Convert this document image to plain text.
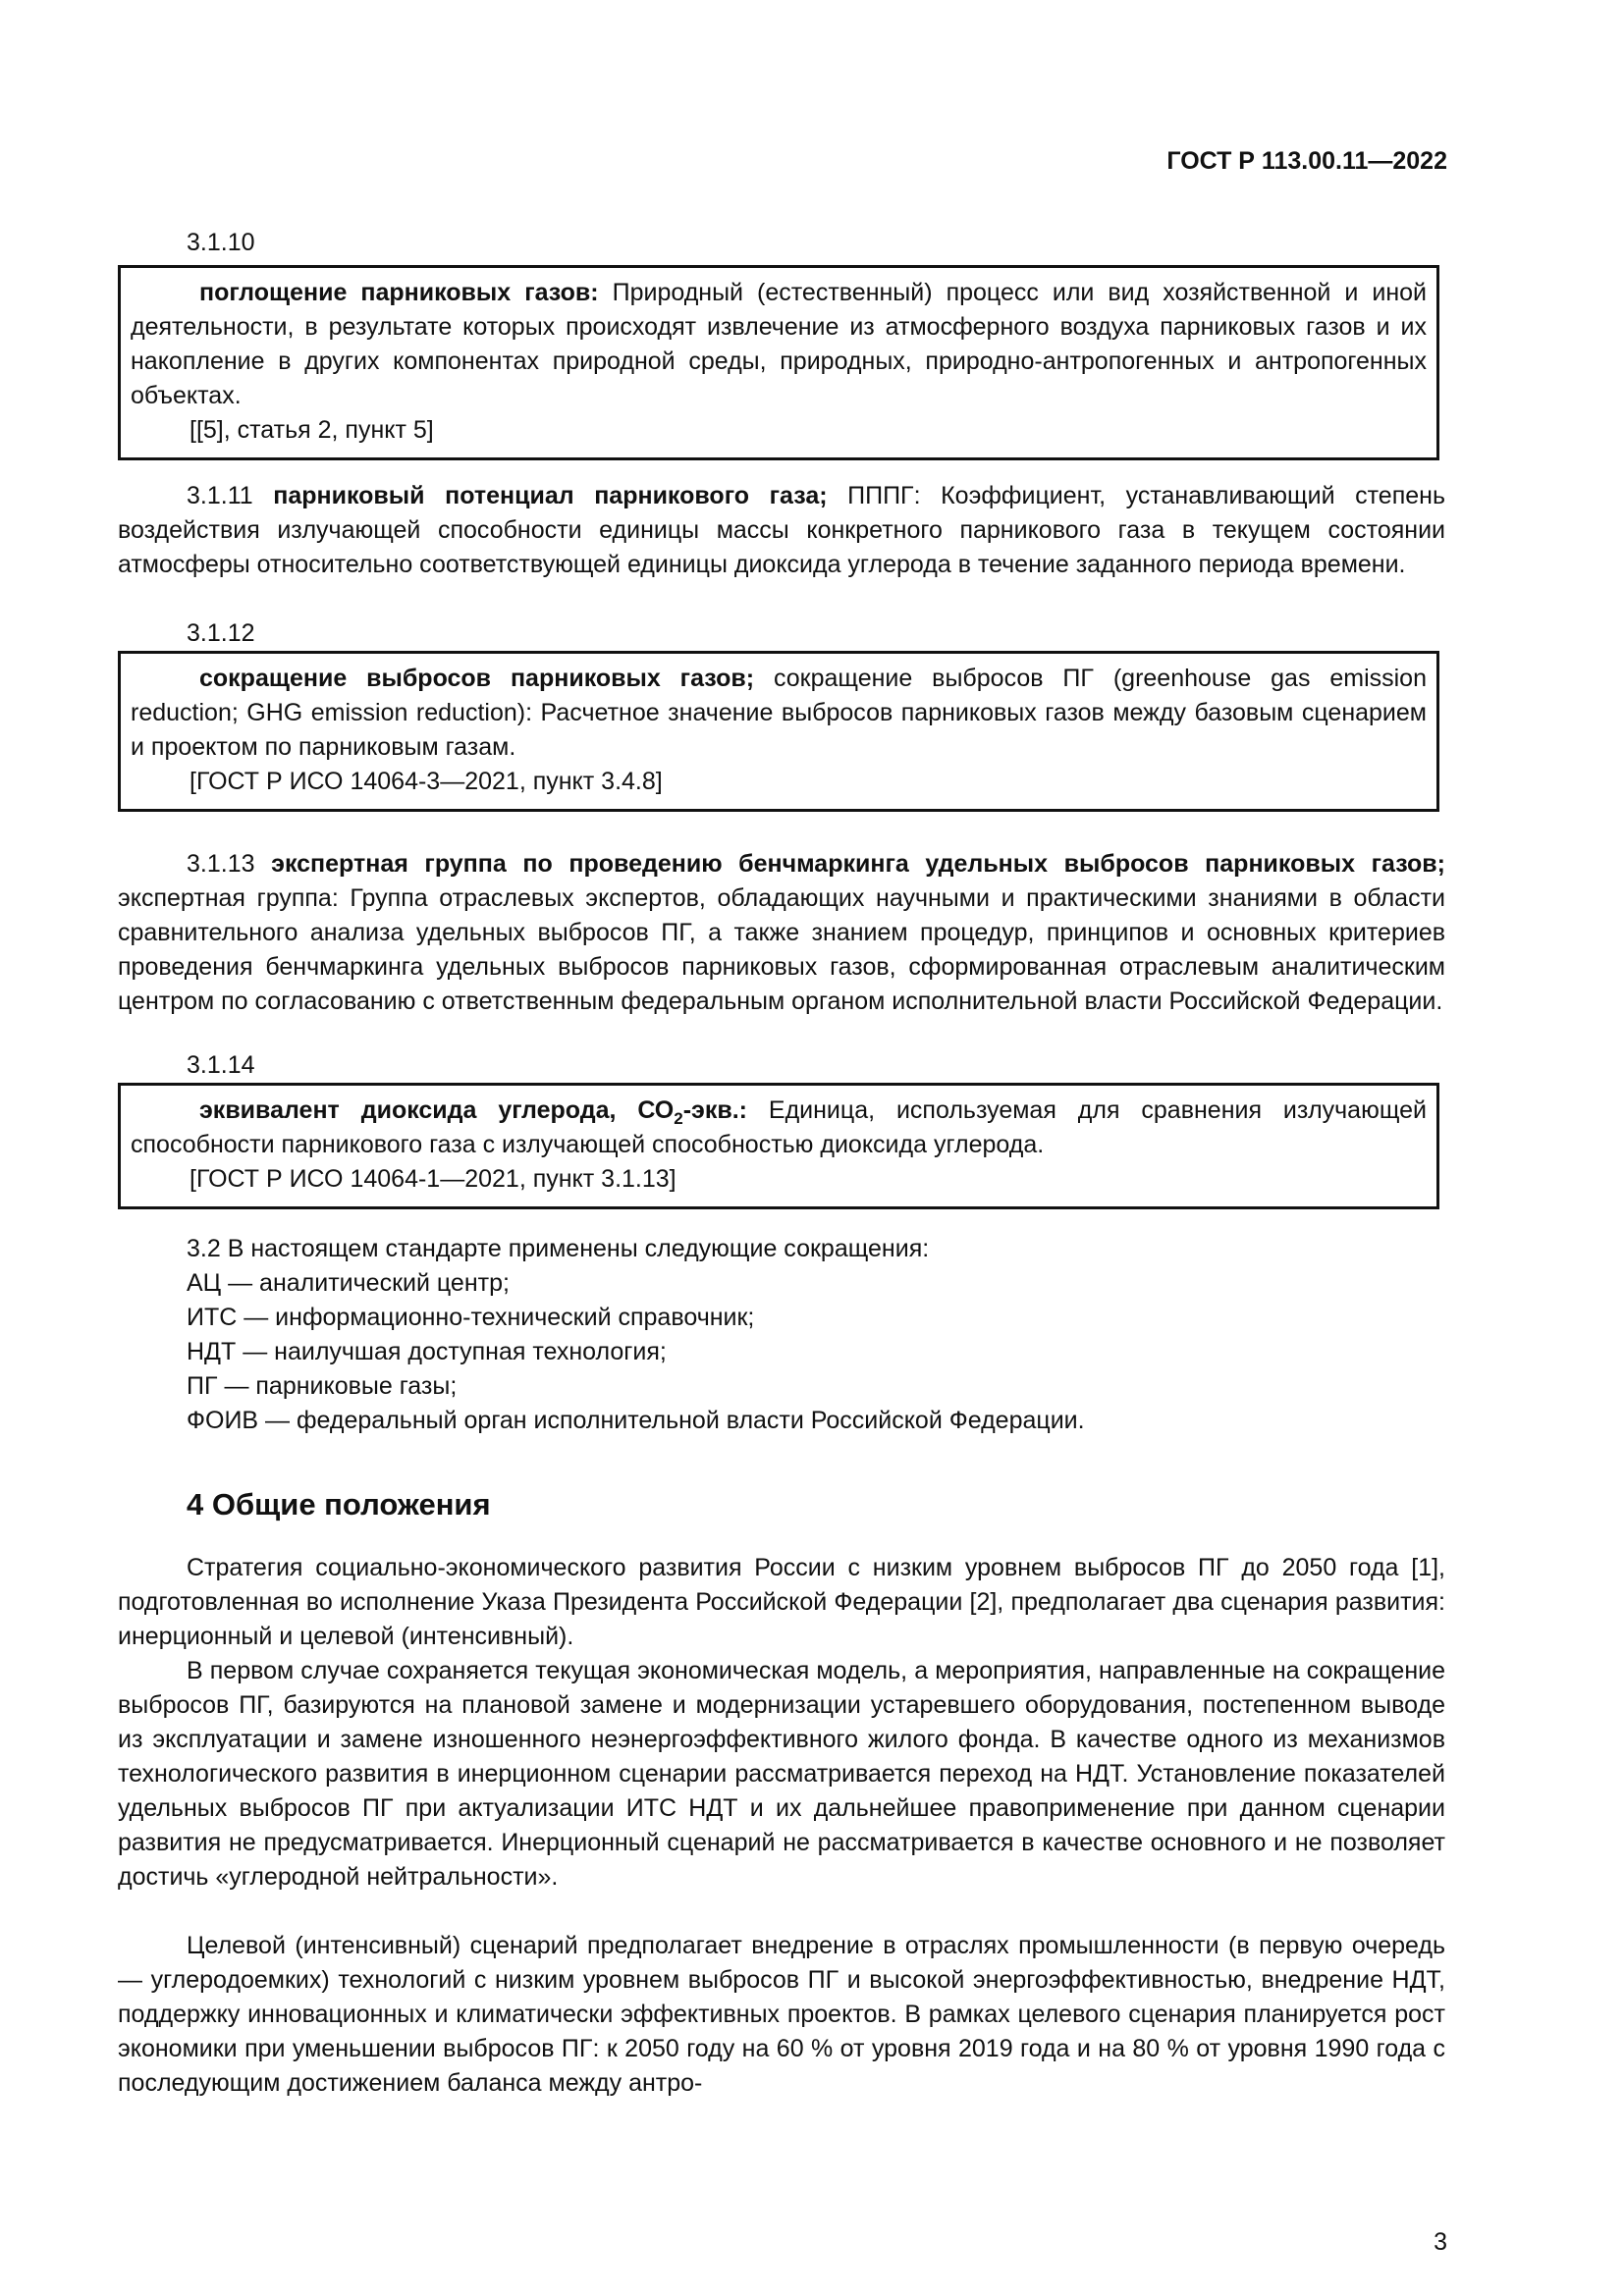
ГОСТ Р 113.00.11—2022
3.1.10
поглощение парниковых газов: Природный (естественный) процесс или вид хозяйственной и иной деятельности, в результате которых происходят извлечение из атмосферного воздуха парниковых газов и их накопление в других компонентах природной среды, природных, природно-антропогенных и антропогенных объектах.
[[5], статья 2, пункт 5]
3.1.11 парниковый потенциал парникового газа; ПППГ: Коэффициент, устанавливающий степень воздействия излучающей способности единицы массы конкретного парникового газа в текущем состоянии атмосферы относительно соответствующей единицы диоксида углерода в течение заданного периода времени.
3.1.12
сокращение выбросов парниковых газов; сокращение выбросов ПГ (greenhouse gas emission reduction; GHG emission reduction): Расчетное значение выбросов парниковых газов между базовым сценарием и проектом по парниковым газам.
[ГОСТ Р ИСО 14064-3—2021, пункт 3.4.8]
3.1.13 экспертная группа по проведению бенчмаркинга удельных выбросов парниковых газов; экспертная группа: Группа отраслевых экспертов, обладающих научными и практическими знаниями в области сравнительного анализа удельных выбросов ПГ, а также знанием процедур, принципов и основных критериев проведения бенчмаркинга удельных выбросов парниковых газов, сформированная отраслевым аналитическим центром по согласованию с ответственным федеральным органом исполнительной власти Российской Федерации.
3.1.14
эквивалент диоксида углерода, $СО_2$-экв.: Единица, используемая для сравнения излучающей способности парникового газа с излучающей способностью диоксида углерода.
[ГОСТ Р ИСО 14064-1—2021, пункт 3.1.13]
3.2 В настоящем стандарте применены следующие сокращения:
АЦ — аналитический центр;
ИТС — информационно-технический справочник;
НДТ — наилучшая доступная технология;
ПГ — парниковые газы;
ФОИВ — федеральный орган исполнительной власти Российской Федерации.
4 Общие положения
Стратегия социально-экономического развития России с низким уровнем выбросов ПГ до 2050 года [1], подготовленная во исполнение Указа Президента Российской Федерации [2], предполагает два сценария развития: инерционный и целевой (интенсивный).
В первом случае сохраняется текущая экономическая модель, а мероприятия, направленные на сокращение выбросов ПГ, базируются на плановой замене и модернизации устаревшего оборудования, постепенном выводе из эксплуатации и замене изношенного неэнергоэффективного жилого фонда. В качестве одного из механизмов технологического развития в инерционном сценарии рассматривается переход на НДТ. Установление показателей удельных выбросов ПГ при актуализации ИТС НДТ и их дальнейшее правоприменение при данном сценарии развития не предусматривается. Инерционный сценарий не рассматривается в качестве основного и не позволяет достичь «углеродной нейтральности».
Целевой (интенсивный) сценарий предполагает внедрение в отраслях промышленности (в первую очередь — углеродоемких) технологий с низким уровнем выбросов ПГ и высокой энергоэффективностью, внедрение НДТ, поддержку инновационных и климатически эффективных проектов. В рамках целевого сценария планируется рост экономики при уменьшении выбросов ПГ: к 2050 году на 60 % от уровня 2019 года и на 80 % от уровня 1990 года с последующим достижением баланса между антро-
3
